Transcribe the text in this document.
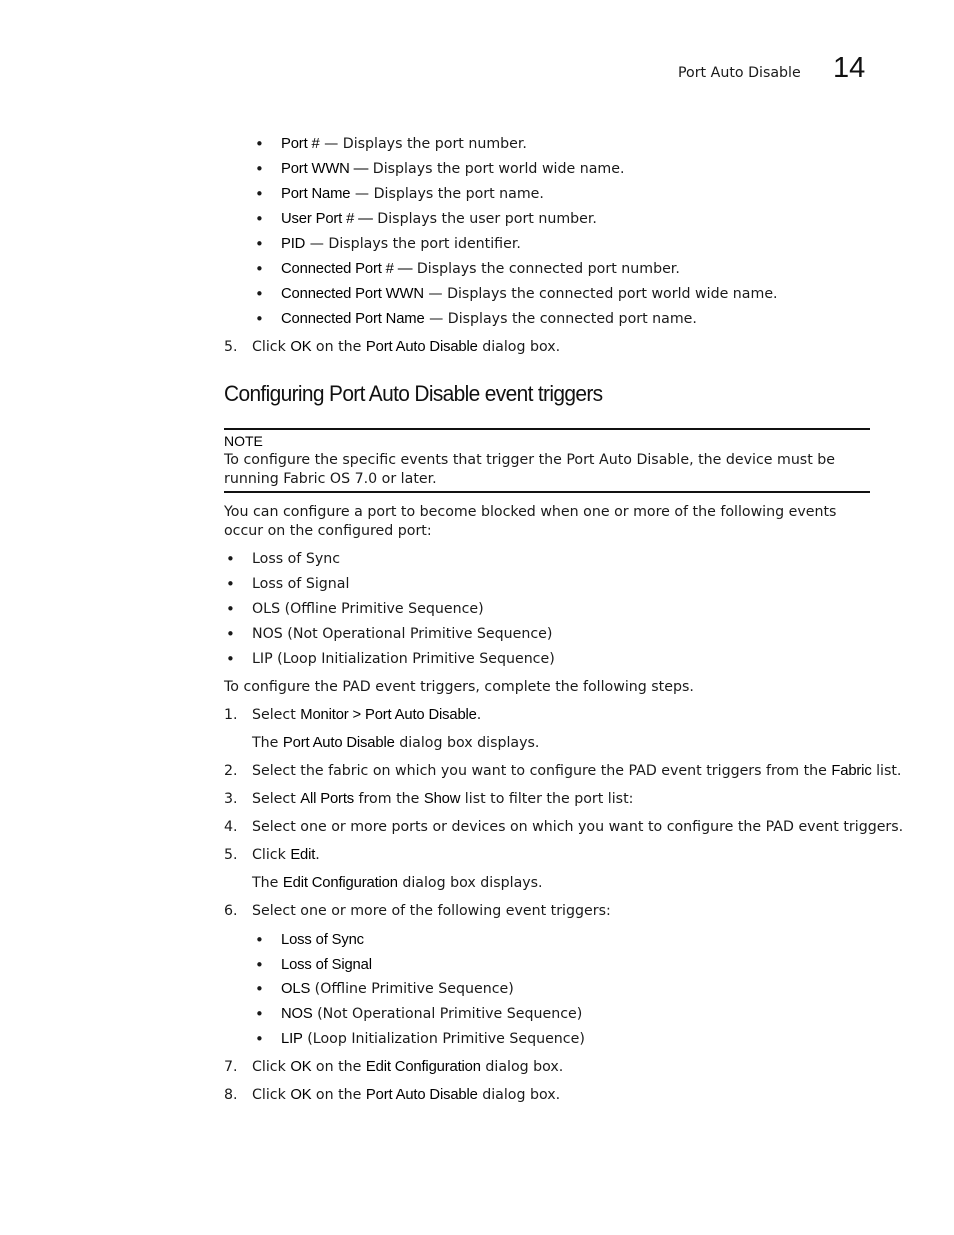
Port Auto Disable 14
• Port # — Displays the port number.
• Port WWN — Displays the port world wide name.
• Port Name — Displays the port name.
• User Port # — Displays the user port number.
• PID — Displays the port identifier.
• Connected Port # — Displays the connected port number.
• Connected Port WWN — Displays the connected port world wide name.
• Connected Port Name — Displays the connected port name.
5. Click OK on the Port Auto Disable dialog box.
Configuring Port Auto Disable event triggers
NOTE
To configure the specific events that trigger the Port Auto Disable, the device must be running Fabric OS 7.0 or later.
You can configure a port to become blocked when one or more of the following events occur on the configured port:
• Loss of Sync
• Loss of Signal
• OLS (Offline Primitive Sequence)
• NOS (Not Operational Primitive Sequence)
• LIP (Loop Initialization Primitive Sequence)
To configure the PAD event triggers, complete the following steps.
1. Select Monitor > Port Auto Disable.
The Port Auto Disable dialog box displays.
2. Select the fabric on which you want to configure the PAD event triggers from the Fabric list.
3. Select All Ports from the Show list to filter the port list:
4. Select one or more ports or devices on which you want to configure the PAD event triggers.
5. Click Edit.
The Edit Configuration dialog box displays.
6. Select one or more of the following event triggers:
• Loss of Sync
• Loss of Signal
• OLS (Offline Primitive Sequence)
• NOS (Not Operational Primitive Sequence)
• LIP (Loop Initialization Primitive Sequence)
7. Click OK on the Edit Configuration dialog box.
8. Click OK on the Port Auto Disable dialog box.
